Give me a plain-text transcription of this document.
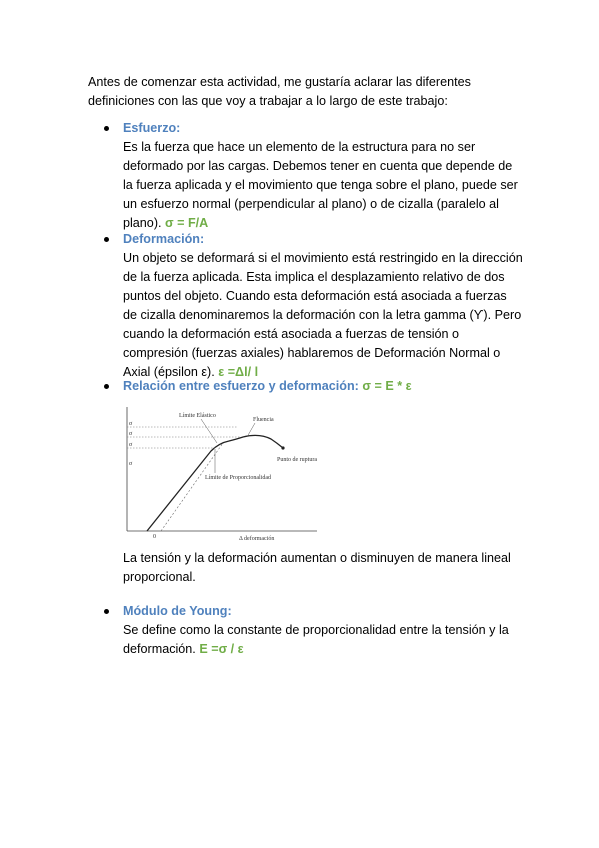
Antes de comenzar esta actividad, me gustaría aclarar las diferentes definiciones con las que voy a trabajar a lo largo de este trabajo:
Esfuerzo:
Es la fuerza que hace un elemento de la estructura para no ser deformado por las cargas. Debemos tener en cuenta que depende de la fuerza aplicada y el movimiento que tenga sobre el plano, puede ser un esfuerzo normal (perpendicular al plano) o de cizalla (paralelo al plano). σ = F/A
Deformación:
Un objeto se deformará si el movimiento está restringido en la dirección de la fuerza aplicada. Esta implica el desplazamiento relativo de dos puntos del objeto. Cuando esta deformación está asociada a fuerzas de cizalla denominaremos la deformación con la letra gamma (Ƴ). Pero cuando la deformación está asociada a fuerzas de tensión o compresión (fuerzas axiales) hablaremos de Deformación Normal o Axial (épsilon ε). ε =Δl/ l
Relación entre esfuerzo y deformación: σ = E * ε
Límite Elástico
Fluencia
Punto de ruptura
Límite de Proporcionalidad
Δ deformación
σ
σ
σ
σ
0
La tensión y la deformación aumentan o disminuyen de manera lineal proporcional.
Módulo de Young:
Se define como la constante de proporcionalidad entre la tensión y la deformación. E =σ / ε
